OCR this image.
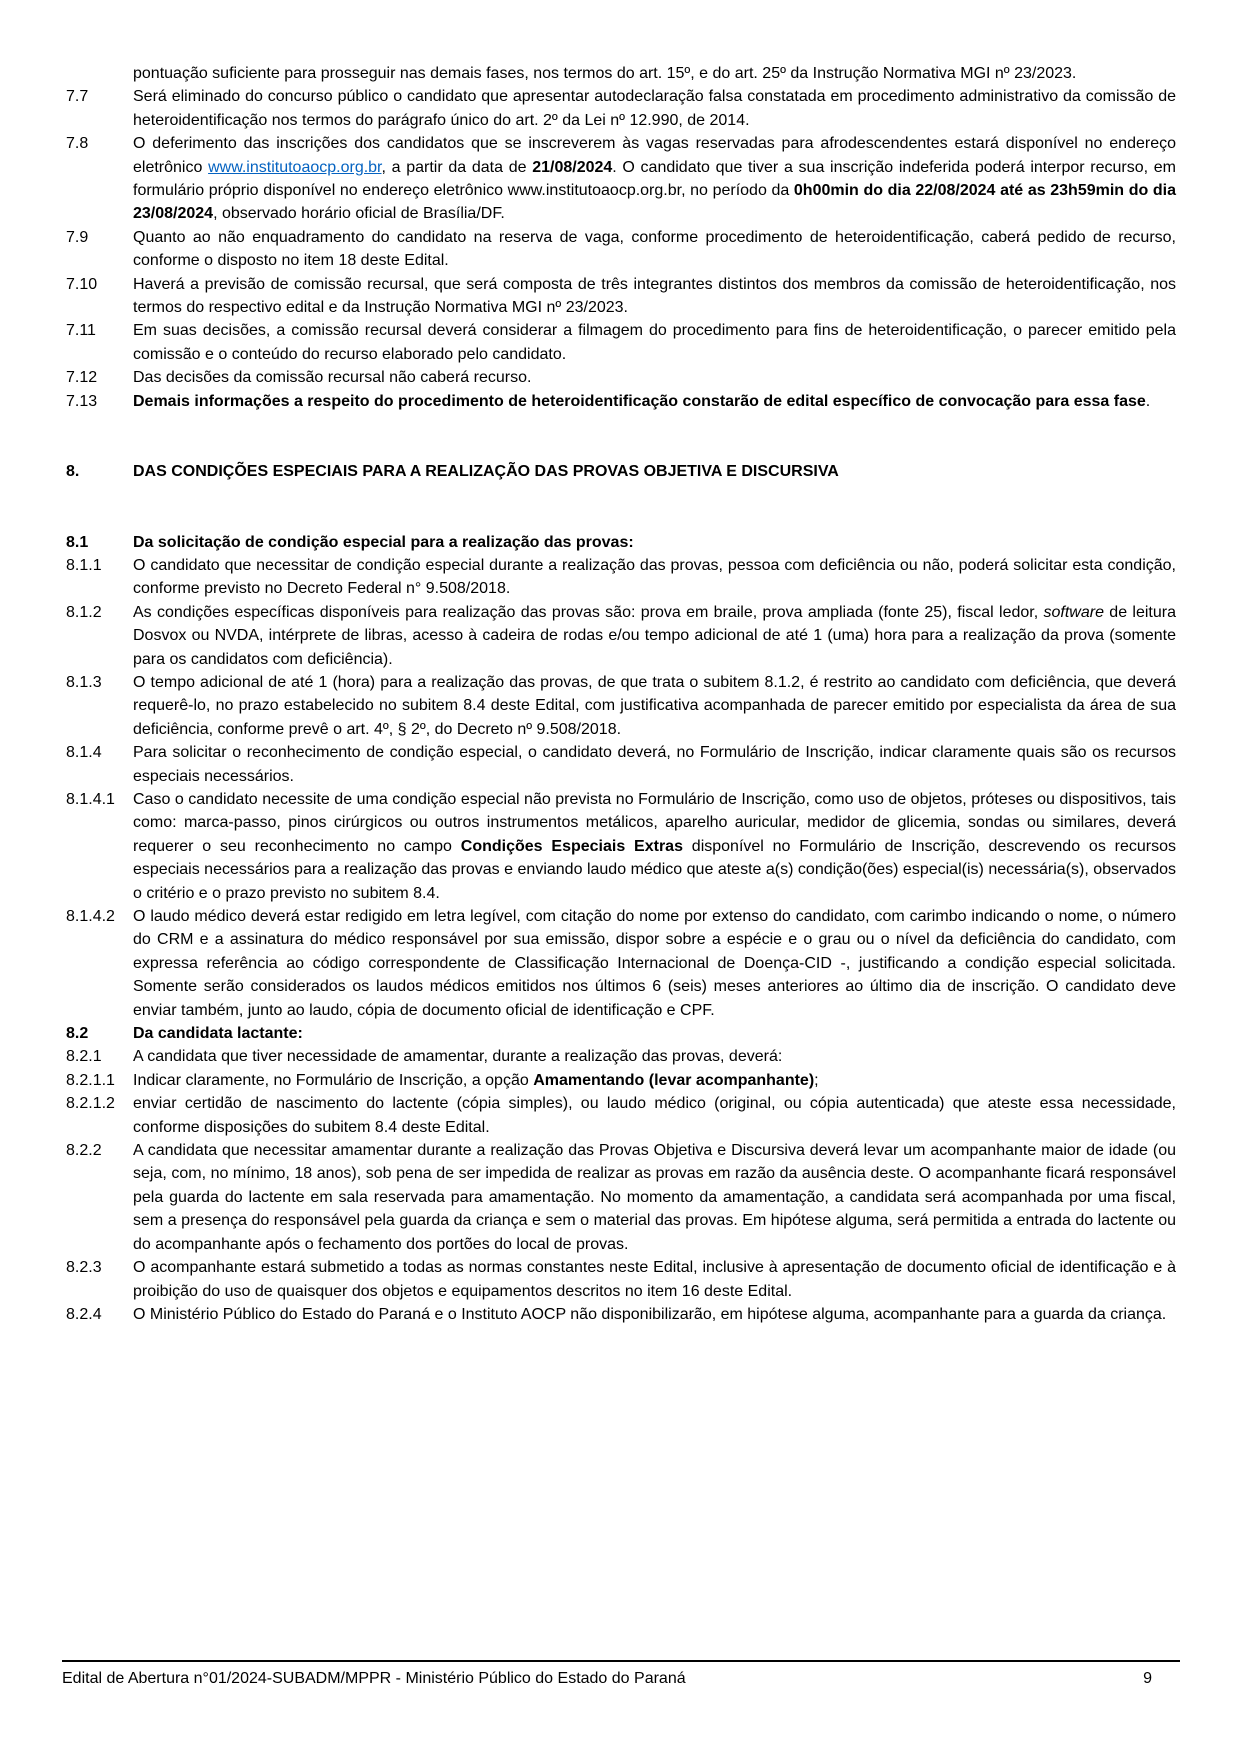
pontuação suficiente para prosseguir nas demais fases, nos termos do art. 15º, e do art. 25º da Instrução Normativa MGI nº 23/2023.
7.7	Será eliminado do concurso público o candidato que apresentar autodeclaração falsa constatada em procedimento administrativo da comissão de heteroidentificação nos termos do parágrafo único do art. 2º da Lei nº 12.990, de 2014.
7.8	O deferimento das inscrições dos candidatos que se inscreverem às vagas reservadas para afrodescendentes estará disponível no endereço eletrônico www.institutoaocp.org.br, a partir da data de 21/08/2024. O candidato que tiver a sua inscrição indeferida poderá interpor recurso, em formulário próprio disponível no endereço eletrônico www.institutoaocp.org.br, no período da 0h00min do dia 22/08/2024 até as 23h59min do dia 23/08/2024, observado horário oficial de Brasília/DF.
7.9	Quanto ao não enquadramento do candidato na reserva de vaga, conforme procedimento de heteroidentificação, caberá pedido de recurso, conforme o disposto no item 18 deste Edital.
7.10	Haverá a previsão de comissão recursal, que será composta de três integrantes distintos dos membros da comissão de heteroidentificação, nos termos do respectivo edital e da Instrução Normativa MGI nº 23/2023.
7.11	Em suas decisões, a comissão recursal deverá considerar a filmagem do procedimento para fins de heteroidentificação, o parecer emitido pela comissão e o conteúdo do recurso elaborado pelo candidato.
7.12	Das decisões da comissão recursal não caberá recurso.
7.13	Demais informações a respeito do procedimento de heteroidentificação constarão de edital específico de convocação para essa fase.
8.	DAS CONDIÇÕES ESPECIAIS PARA A REALIZAÇÃO DAS PROVAS OBJETIVA E DISCURSIVA
8.1	Da solicitação de condição especial para a realização das provas:
8.1.1	O candidato que necessitar de condição especial durante a realização das provas, pessoa com deficiência ou não, poderá solicitar esta condição, conforme previsto no Decreto Federal n° 9.508/2018.
8.1.2	As condições específicas disponíveis para realização das provas são: prova em braile, prova ampliada (fonte 25), fiscal ledor, software de leitura Dosvox ou NVDA, intérprete de libras, acesso à cadeira de rodas e/ou tempo adicional de até 1 (uma) hora para a realização da prova (somente para os candidatos com deficiência).
8.1.3	O tempo adicional de até 1 (hora) para a realização das provas, de que trata o subitem 8.1.2, é restrito ao candidato com deficiência, que deverá requerê-lo, no prazo estabelecido no subitem 8.4 deste Edital, com justificativa acompanhada de parecer emitido por especialista da área de sua deficiência, conforme prevê o art. 4º, § 2º, do Decreto nº 9.508/2018.
8.1.4	Para solicitar o reconhecimento de condição especial, o candidato deverá, no Formulário de Inscrição, indicar claramente quais são os recursos especiais necessários.
8.1.4.1	Caso o candidato necessite de uma condição especial não prevista no Formulário de Inscrição, como uso de objetos, próteses ou dispositivos, tais como: marca-passo, pinos cirúrgicos ou outros instrumentos metálicos, aparelho auricular, medidor de glicemia, sondas ou similares, deverá requerer o seu reconhecimento no campo Condições Especiais Extras disponível no Formulário de Inscrição, descrevendo os recursos especiais necessários para a realização das provas e enviando laudo médico que ateste a(s) condição(ões) especial(is) necessária(s), observados o critério e o prazo previsto no subitem 8.4.
8.1.4.2	O laudo médico deverá estar redigido em letra legível, com citação do nome por extenso do candidato, com carimbo indicando o nome, o número do CRM e a assinatura do médico responsável por sua emissão, dispor sobre a espécie e o grau ou o nível da deficiência do candidato, com expressa referência ao código correspondente de Classificação Internacional de Doença-CID -, justificando a condição especial solicitada. Somente serão considerados os laudos médicos emitidos nos últimos 6 (seis) meses anteriores ao último dia de inscrição. O candidato deve enviar também, junto ao laudo, cópia de documento oficial de identificação e CPF.
8.2	Da candidata lactante:
8.2.1	A candidata que tiver necessidade de amamentar, durante a realização das provas, deverá:
8.2.1.1	Indicar claramente, no Formulário de Inscrição, a opção Amamentando (levar acompanhante);
8.2.1.2	enviar certidão de nascimento do lactente (cópia simples), ou laudo médico (original, ou cópia autenticada) que ateste essa necessidade, conforme disposições do subitem 8.4 deste Edital.
8.2.2	A candidata que necessitar amamentar durante a realização das Provas Objetiva e Discursiva deverá levar um acompanhante maior de idade (ou seja, com, no mínimo, 18 anos), sob pena de ser impedida de realizar as provas em razão da ausência deste. O acompanhante ficará responsável pela guarda do lactente em sala reservada para amamentação. No momento da amamentação, a candidata será acompanhada por uma fiscal, sem a presença do responsável pela guarda da criança e sem o material das provas. Em hipótese alguma, será permitida a entrada do lactente ou do acompanhante após o fechamento dos portões do local de provas.
8.2.3	O acompanhante estará submetido a todas as normas constantes neste Edital, inclusive à apresentação de documento oficial de identificação e à proibição do uso de quaisquer dos objetos e equipamentos descritos no item 16 deste Edital.
8.2.4	O Ministério Público do Estado do Paraná e o Instituto AOCP não disponibilizarão, em hipótese alguma, acompanhante para a guarda da criança.
Edital de Abertura n°01/2024-SUBADM/MPPR - Ministério Público do Estado do Paraná	9
